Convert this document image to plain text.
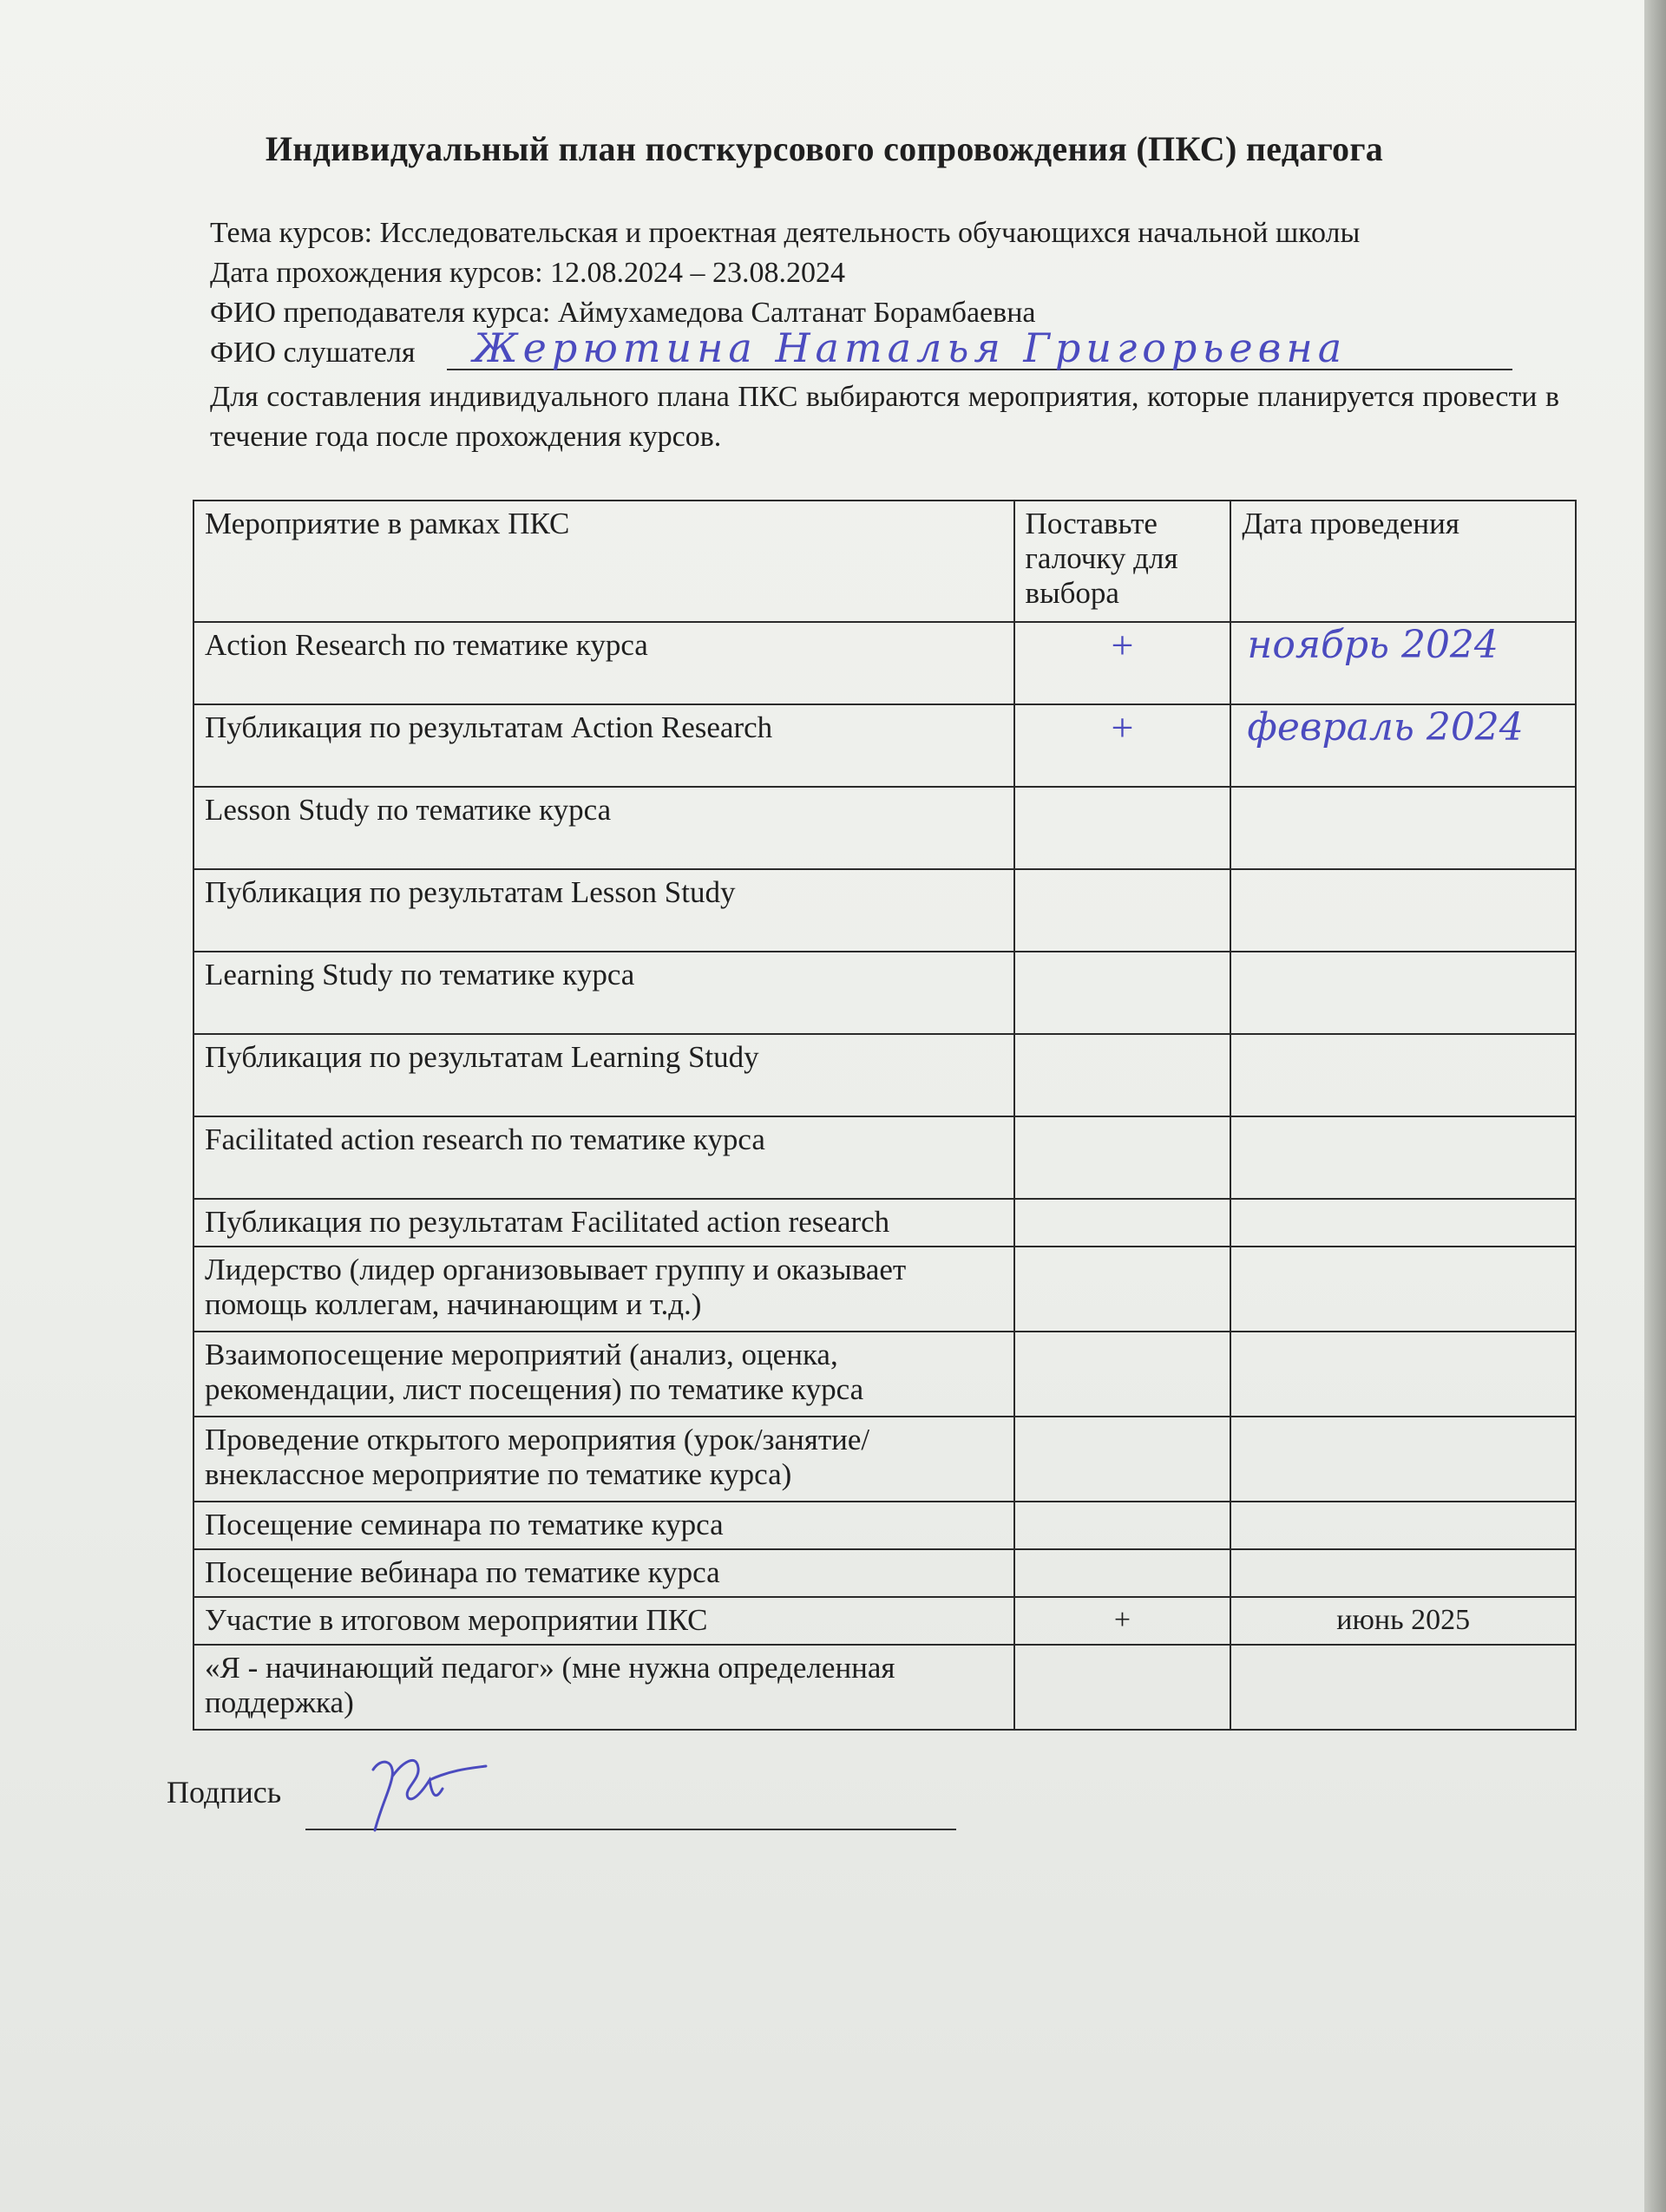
Индивидуальный план посткурсового сопровождения (ПКС) педагога
Тема курсов: Исследовательская и проектная деятельность обучающихся начальной школы
Дата прохождения курсов: 12.08.2024 – 23.08.2024
ФИО преподавателя курса: Аймухамедова Салтанат Борамбаевна
ФИО слушателя Жерютина Наталья Григорьевна
Для составления индивидуального плана ПКС выбираются мероприятия, которые планируется провести в течение года после прохождения курсов.
Мероприятие в рамках ПКС	Поставьте галочку для выбора	Дата проведения
Action Research по тематике курса	+	ноябрь 2024
Публикация по результатам Action Research	+	февраль 2024
Lesson Study по тематике курса		
Публикация по результатам Lesson Study		
Learning Study по тематике курса		
Публикация по результатам Learning Study		
Facilitated action research по тематике курса		
Публикация по результатам Facilitated action research		
Лидерство (лидер организовывает группу и оказывает помощь коллегам, начинающим и т.д.)		
Взаимопосещение мероприятий (анализ, оценка, рекомендации, лист посещения) по тематике курса		
Проведение открытого мероприятия (урок/занятие/ внеклассное мероприятие по тематике курса)		
Посещение семинара по тематике курса		
Посещение вебинара по тематике курса		
Участие в итоговом мероприятии ПКС	+	июнь 2025
«Я - начинающий педагог» (мне нужна определенная поддержка)		
Подпись
